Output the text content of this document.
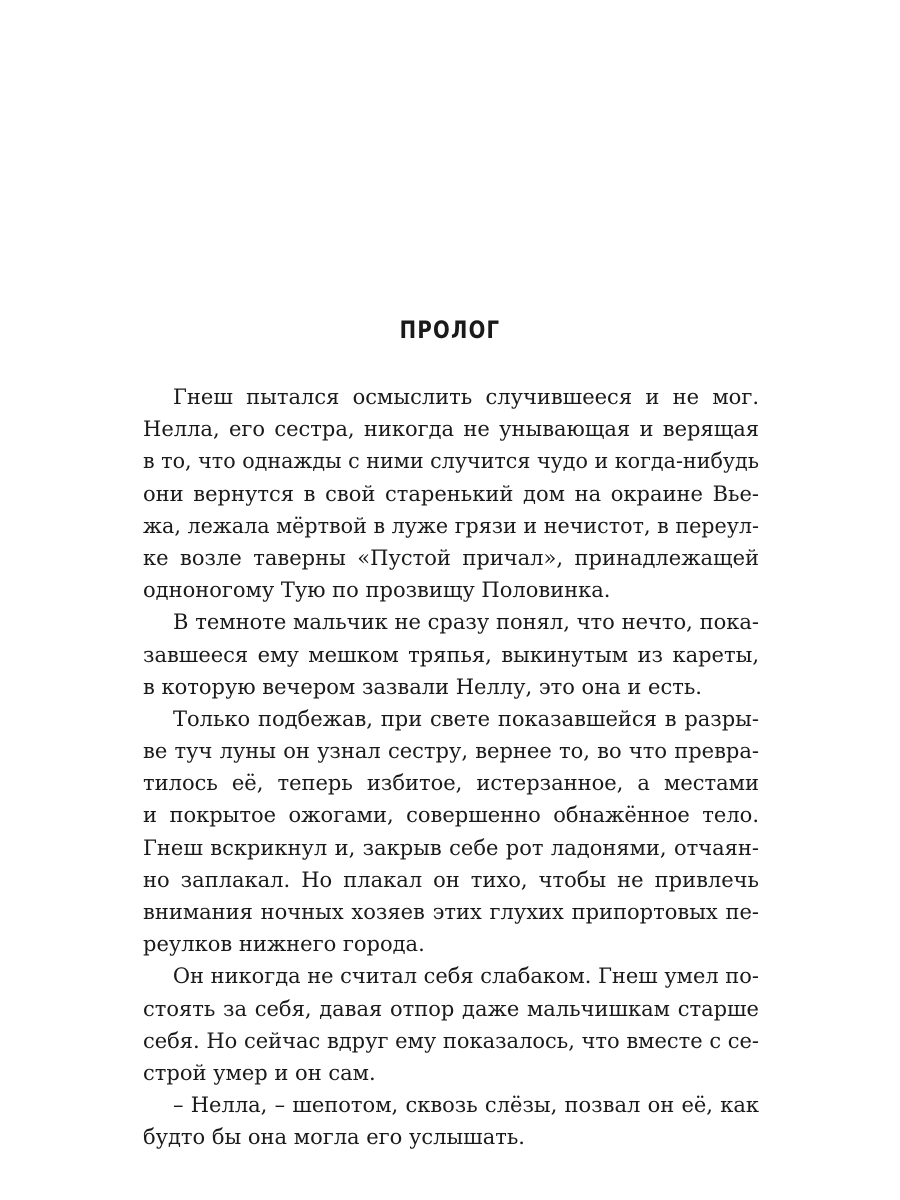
ПРОЛОГ
Гнеш пытался осмыслить случившееся и не мог.
Нелла, его сестра, никогда не унывающая и верящая
в то, что однажды с ними случится чудо и когда-нибудь
они вернутся в свой старенький дом на окраине Вье-
жа, лежала мёртвой в луже грязи и нечистот, в переул-
ке возле таверны «Пустой причал», принадлежащей
одноногому Тую по прозвищу Половинка.
В темноте мальчик не сразу понял, что нечто, пока-
завшееся ему мешком тряпья, выкинутым из кареты,
в которую вечером зазвали Неллу, это она и есть.
Только подбежав, при свете показавшейся в разры-
ве туч луны он узнал сестру, вернее то, во что превра-
тилось её, теперь избитое, истерзанное, а местами
и покрытое ожогами, совершенно обнажённое тело.
Гнеш вскрикнул и, закрыв себе рот ладонями, отчаян-
но заплакал. Но плакал он тихо, чтобы не привлечь
внимания ночных хозяев этих глухих припортовых пе-
реулков нижнего города.
Он никогда не считал себя слабаком. Гнеш умел по-
стоять за себя, давая отпор даже мальчишкам старше
себя. Но сейчас вдруг ему показалось, что вместе с се-
строй умер и он сам.
– Нелла, – шепотом, сквозь слёзы, позвал он её, как
будто бы она могла его услышать.
